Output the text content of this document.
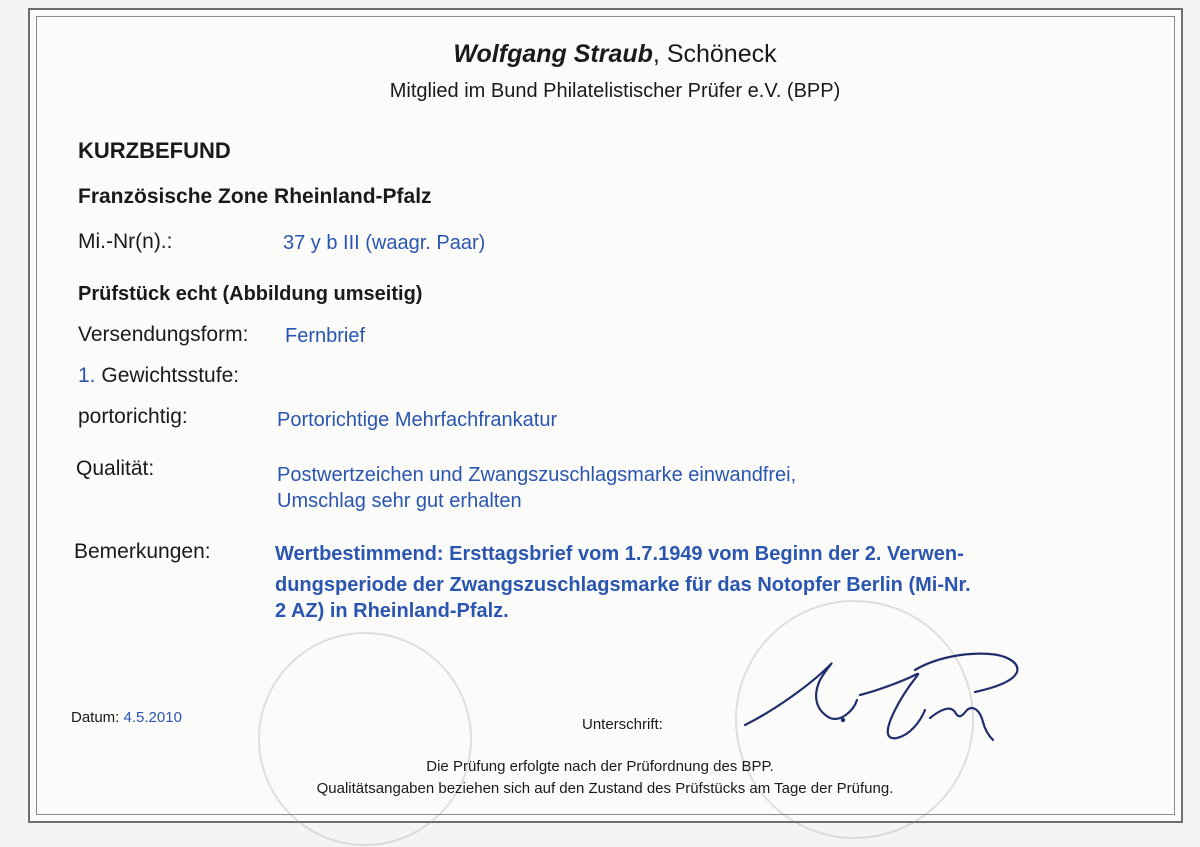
Wolfgang Straub, Schöneck
Mitglied im Bund Philatelistischer Prüfer e.V. (BPP)
KURZBEFUND
Französische Zone Rheinland-Pfalz
Mi.-Nr(n).:	37 y b III (waagr. Paar)
Prüfstück echt (Abbildung umseitig)
Versendungsform: Fernbrief
1. Gewichtsstufe:
portorichtig:	Portorichtige Mehrfachfrankatur
Qualität:	Postwertzeichen und Zwangszuschlagsmarke einwandfrei,
Umschlag sehr gut erhalten
Bemerkungen:	Wertbestimmend: Ersttagsbrief vom 1.7.1949 vom Beginn der 2. Verwen-
dungsperiode der Zwangszuschlagsmarke für das Notopfer Berlin (Mi-Nr.
2 AZ) in Rheinland-Pfalz.
Datum: 4.5.2010	Unterschrift:
Die Prüfung erfolgte nach der Prüfordnung des BPP.
Qualitätsangaben beziehen sich auf den Zustand des Prüfstücks am Tage der Prüfung.
